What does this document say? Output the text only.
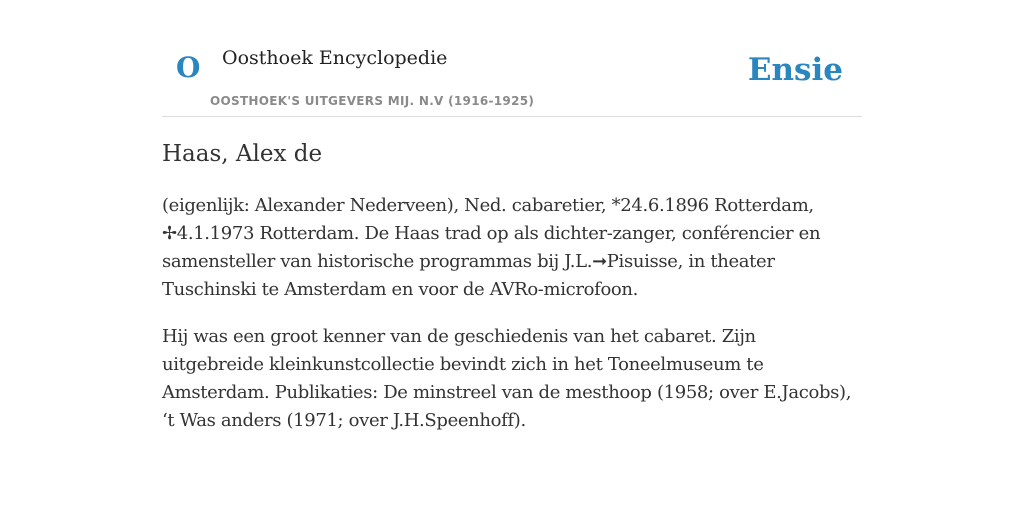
O Oosthoek Encyclopedie
OOSTHOEK'S UITGEVERS MIJ. N.V (1916-1925)
Ensie
Haas, Alex de

(eigenlijk: Alexander Nederveen), Ned. cabaretier, *24.6.1896 Rotterdam, ✢4.1.1973 Rotterdam. De Haas trad op als dichter-zanger, conférencier en samensteller van historische programmas bij J.L.➞Pisuisse, in theater Tuschinski te Amsterdam en voor de AVRo-microfoon.

Hij was een groot kenner van de geschiedenis van het cabaret. Zijn uitgebreide kleinkunstcollectie bevindt zich in het Toneelmuseum te Amsterdam. Publikaties: De minstreel van de mesthoop (1958; over E.Jacobs), ‘t Was anders (1971; over J.H.Speenhoff).
